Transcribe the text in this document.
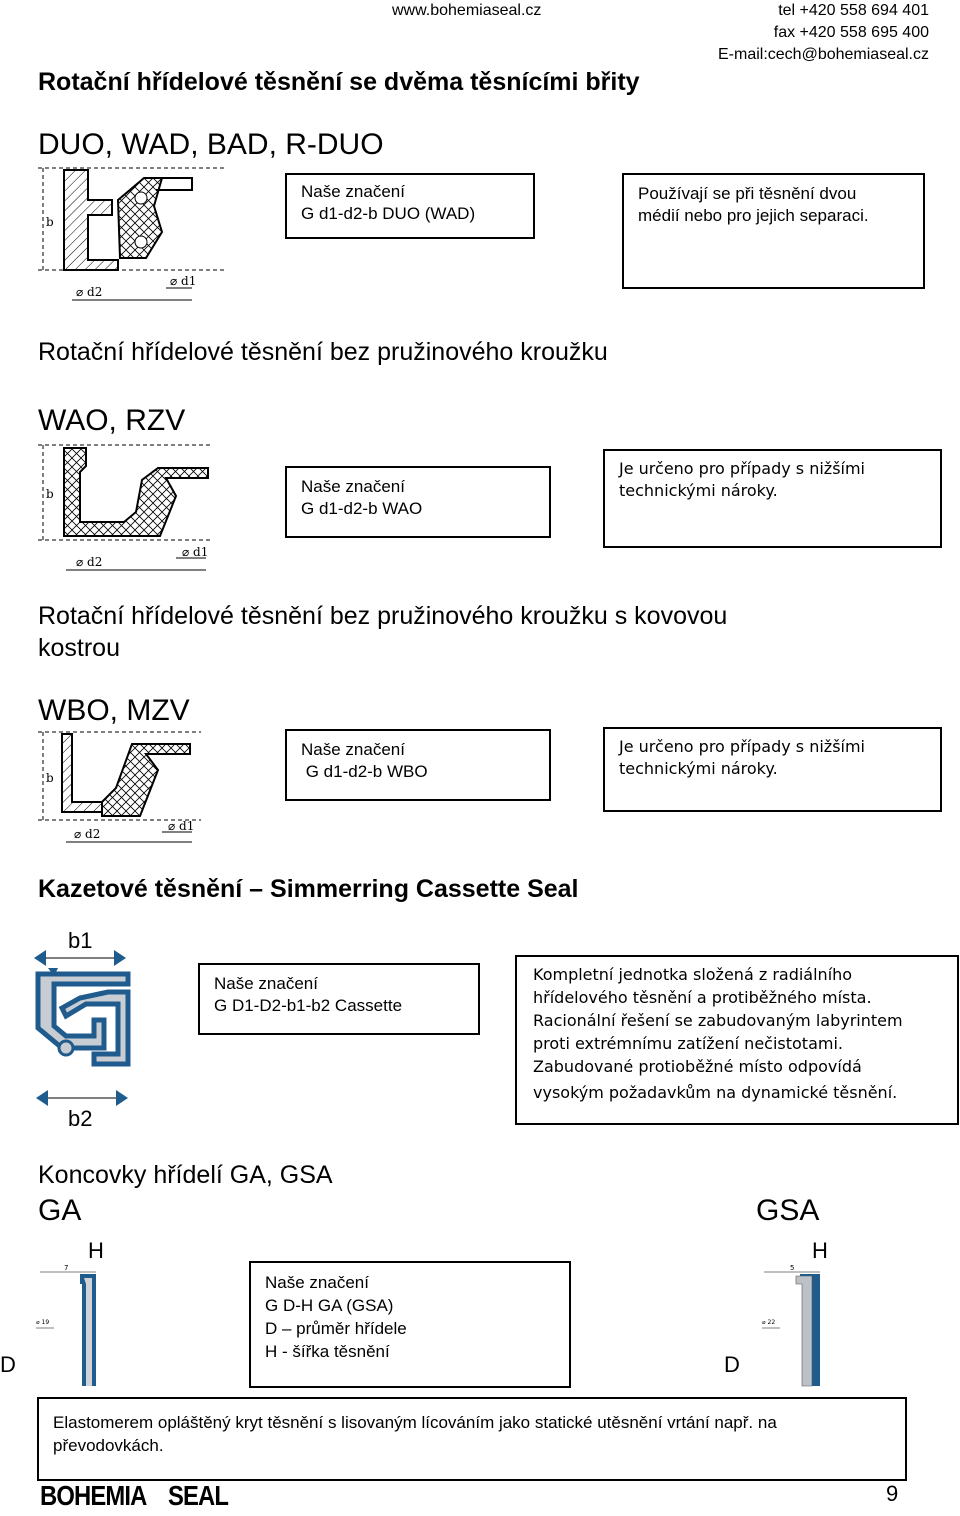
www.bohemiaseal.cz	tel +420 558 694 401
fax +420 558 695 400
E-mail:cech@bohemiaseal.cz
Rotační hřídelové těsnění se dvěma těsnícími břity
DUO, WAD, BAD, R-DUO
b
⌀ d2
⌀ d1
Naše značení
G d1-d2-b DUO (WAD)
Používají se při těsnění dvou
médií nebo pro jejich separaci.
Rotační hřídelové těsnění bez pružinového kroužku
WAO, RZV
b
⌀ d2
⌀ d1
Naše značení
G d1-d2-b WAO
Je určeno pro případy s nižšími
technickými nároky.
Rotační hřídelové těsnění bez pružinového kroužku s kovovou
kostrou
WBO, MZV
b
⌀ d2
⌀ d1
Naše značení
G d1-d2-b WBO
Je určeno pro případy s nižšími
technickými nároky.
Kazetové těsnění – Simmerring Cassette Seal
b1
b2
Naše značení
G D1-D2-b1-b2 Cassette
Kompletní jednotka složená z radiálního
hřídelového těsnění a protiběžného místa.
Racionální řešení se zabudovaným labyrintem
proti extrémnímu zatížení nečistotami.
Zabudované protioběžné místo odpovídá
vysokým požadavkům na dynamické těsnění.
Koncovky hřídelí GA, GSA
GA	GSA
H	H
D	D
7
⌀ 19
5
⌀ 22
Naše značení
G D-H GA (GSA)
D – průměr hřídele
H - šířka těsnění
Elastomerem opláštěný kryt těsnění s lisovaným lícováním jako statické utěsnění vrtání např. na
převodovkách.
BOHEMIA SEAL	9
